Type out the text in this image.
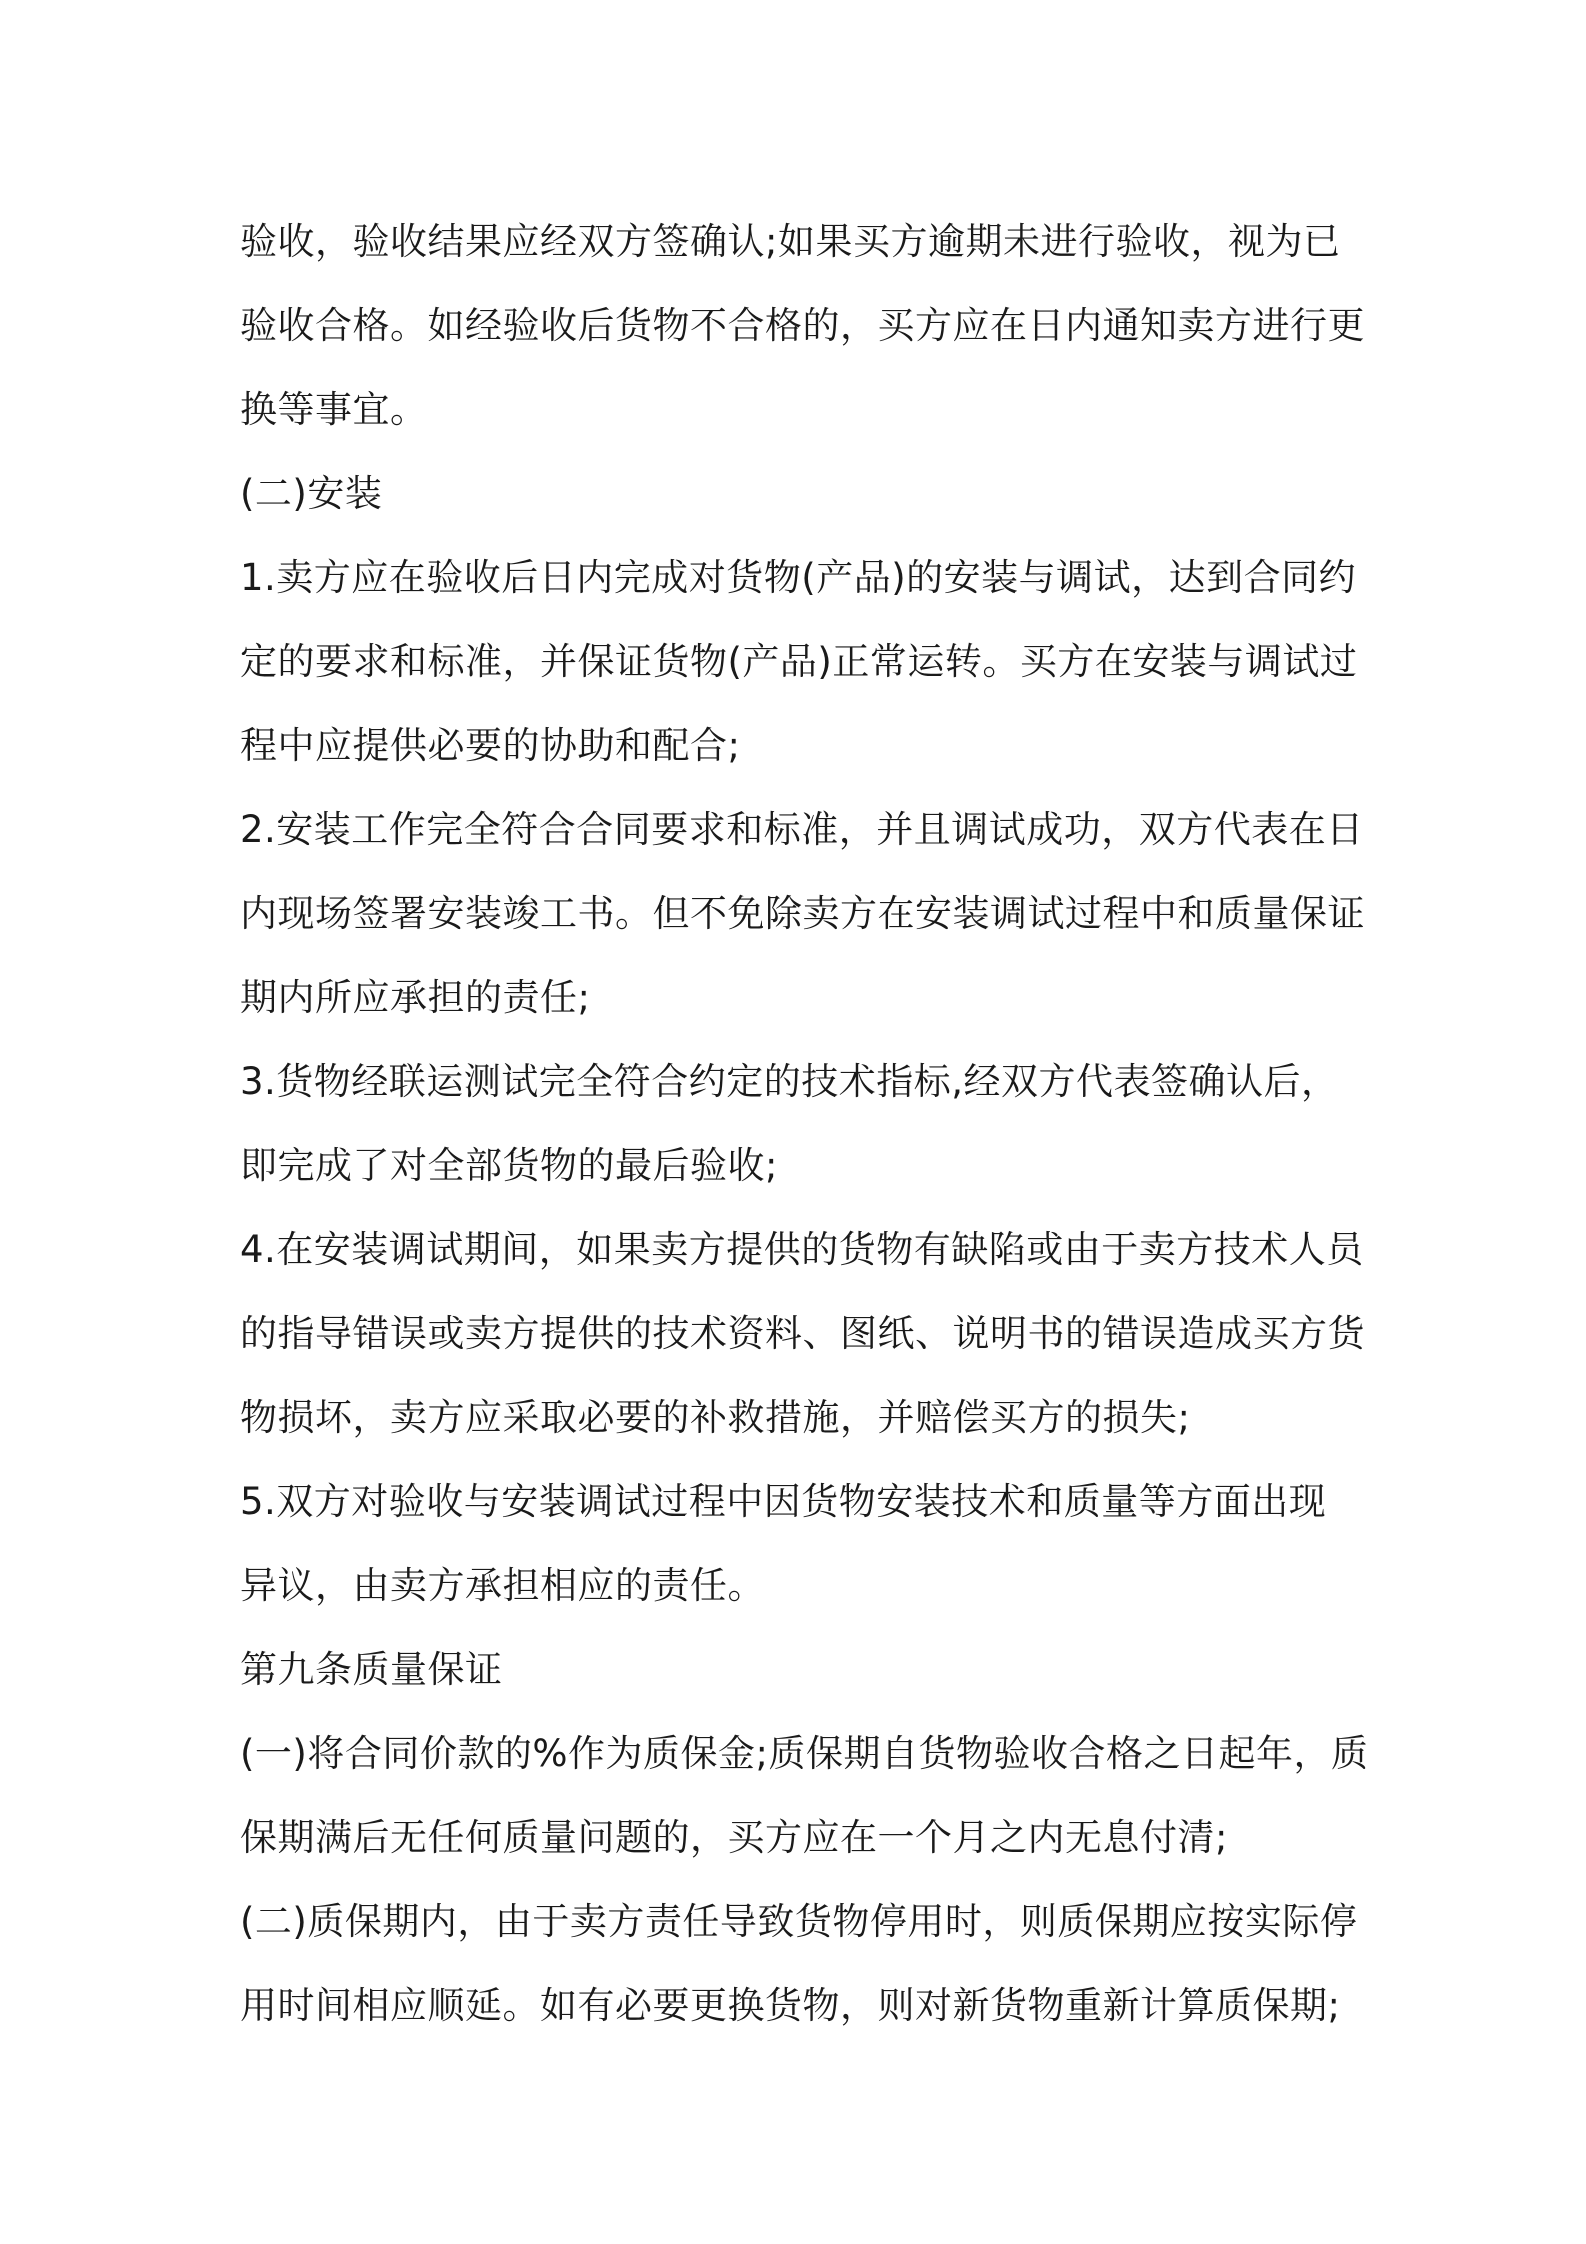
验收，验收结果应经双方签确认;如果买方逾期未进行验收，视为已
验收合格。如经验收后货物不合格的，买方应在日内通知卖方进行更
换等事宜。
(二)安装
1.卖方应在验收后日内完成对货物(产品)的安装与调试，达到合同约
定的要求和标准，并保证货物(产品)正常运转。买方在安装与调试过
程中应提供必要的协助和配合;
2.安装工作完全符合合同要求和标准，并且调试成功，双方代表在日
内现场签署安装竣工书。但不免除卖方在安装调试过程中和质量保证
期内所应承担的责任;
3.货物经联运测试完全符合约定的技术指标,经双方代表签确认后，
即完成了对全部货物的最后验收;
4.在安装调试期间，如果卖方提供的货物有缺陷或由于卖方技术人员
的指导错误或卖方提供的技术资料、图纸、说明书的错误造成买方货
物损坏，卖方应采取必要的补救措施，并赔偿买方的损失;
5.双方对验收与安装调试过程中因货物安装技术和质量等方面出现
异议，由卖方承担相应的责任。
第九条质量保证
(一)将合同价款的%作为质保金;质保期自货物验收合格之日起年，质
保期满后无任何质量问题的，买方应在一个月之内无息付清;
(二)质保期内，由于卖方责任导致货物停用时，则质保期应按实际停
用时间相应顺延。如有必要更换货物，则对新货物重新计算质保期;
